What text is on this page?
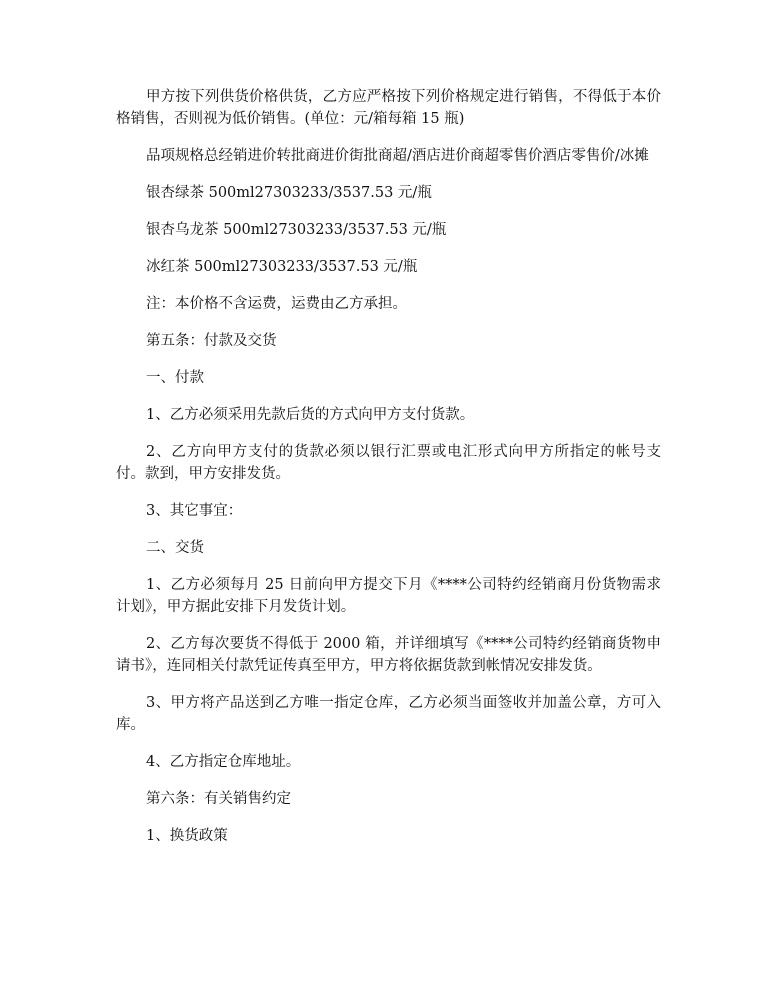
甲方按下列供货价格供货，乙方应严格按下列价格规定进行销售，不得低于本价格销售，否则视为低价销售。(单位：元/箱每箱 15 瓶)

品项规格总经销进价转批商进价街批商超/酒店进价商超零售价酒店零售价/冰摊

银杏绿茶 500ml27303233/3537.53 元/瓶

银杏乌龙茶 500ml27303233/3537.53 元/瓶

冰红茶 500ml27303233/3537.53 元/瓶

注：本价格不含运费，运费由乙方承担。

第五条：付款及交货

一、付款

1、乙方必须采用先款后货的方式向甲方支付货款。

2、乙方向甲方支付的货款必须以银行汇票或电汇形式向甲方所指定的帐号支付。款到，甲方安排发货。

3、其它事宜：

二、交货

1、乙方必须每月 25 日前向甲方提交下月《****公司特约经销商月份货物需求计划》，甲方据此安排下月发货计划。

2、乙方每次要货不得低于 2000 箱，并详细填写《****公司特约经销商货物申请书》，连同相关付款凭证传真至甲方，甲方将依据货款到帐情况安排发货。

3、甲方将产品送到乙方唯一指定仓库，乙方必须当面签收并加盖公章，方可入库。

4、乙方指定仓库地址。

第六条：有关销售约定

1、换货政策
